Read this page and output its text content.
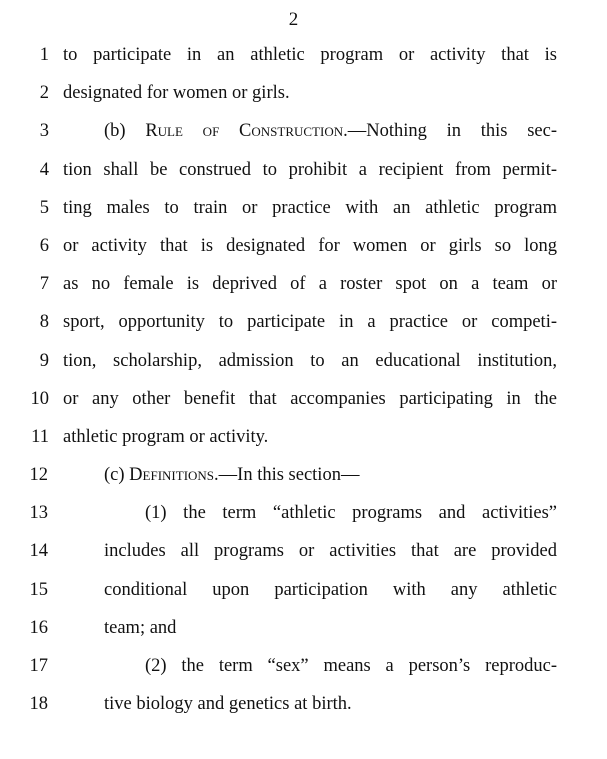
2
1 to participate in an athletic program or activity that is
2 designated for women or girls.
3	(b) Rule of Construction.—Nothing in this sec-
4 tion shall be construed to prohibit a recipient from permit-
5 ting males to train or practice with an athletic program
6 or activity that is designated for women or girls so long
7 as no female is deprived of a roster spot on a team or
8 sport, opportunity to participate in a practice or competi-
9 tion, scholarship, admission to an educational institution,
10 or any other benefit that accompanies participating in the
11 athletic program or activity.
12	(c) Definitions.—In this section—
13	(1) the term “athletic programs and activities”
14	includes all programs or activities that are provided
15	conditional upon participation with any athletic
16	team; and
17	(2) the term “sex” means a person’s reproduc-
18	tive biology and genetics at birth.
